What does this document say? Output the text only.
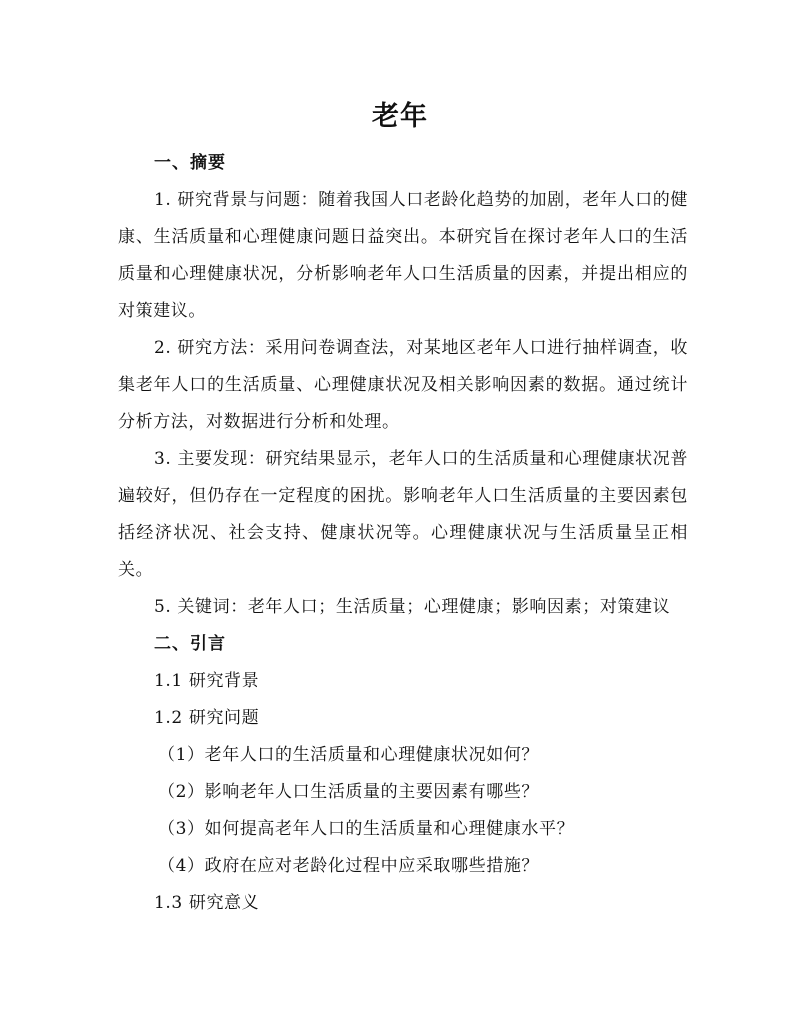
老年
一、摘要
1. 研究背景与问题：随着我国人口老龄化趋势的加剧，老年人口的健康、生活质量和心理健康问题日益突出。本研究旨在探讨老年人口的生活质量和心理健康状况，分析影响老年人口生活质量的因素，并提出相应的对策建议。
2. 研究方法：采用问卷调查法，对某地区老年人口进行抽样调查，收集老年人口的生活质量、心理健康状况及相关影响因素的数据。通过统计分析方法，对数据进行分析和处理。
3. 主要发现：研究结果显示，老年人口的生活质量和心理健康状况普遍较好，但仍存在一定程度的困扰。影响老年人口生活质量的主要因素包括经济状况、社会支持、健康状况等。心理健康状况与生活质量呈正相关。
5. 关键词：老年人口；生活质量；心理健康；影响因素；对策建议
二、引言
1.1 研究背景
1.2 研究问题
（1）老年人口的生活质量和心理健康状况如何？
（2）影响老年人口生活质量的主要因素有哪些？
（3）如何提高老年人口的生活质量和心理健康水平？
（4）政府在应对老龄化过程中应采取哪些措施？
1.3 研究意义
